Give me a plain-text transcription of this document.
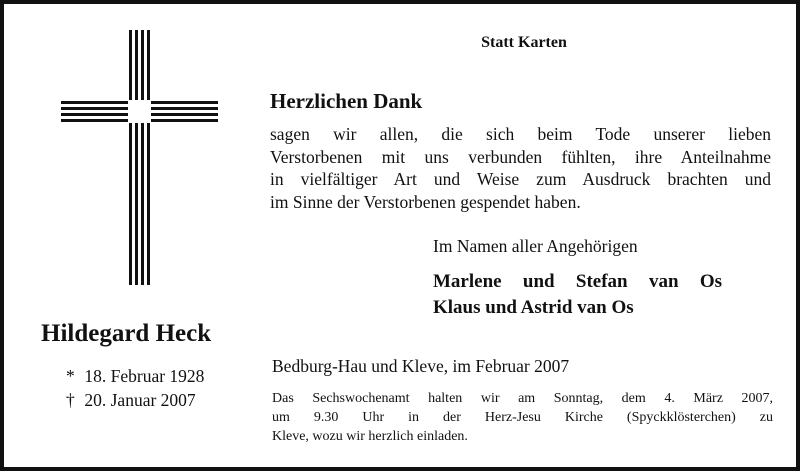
Statt Karten
Herzlichen Dank
sagen wir allen, die sich beim Tode unserer lieben
Verstorbenen mit uns verbunden fühlten, ihre Anteilnahme
in vielfältiger Art und Weise zum Ausdruck brachten und
im Sinne der Verstorbenen gespendet haben.
Im Namen aller Angehörigen
Marlene und Stefan van Os
Klaus und Astrid van Os
Hildegard Heck
* 18. Februar 1928
† 20. Januar 2007
Bedburg-Hau und Kleve, im Februar 2007
Das Sechswochenamt halten wir am Sonntag, dem 4. März 2007,
um 9.30 Uhr in der Herz-Jesu Kirche (Spyckklösterchen) zu
Kleve, wozu wir herzlich einladen.
